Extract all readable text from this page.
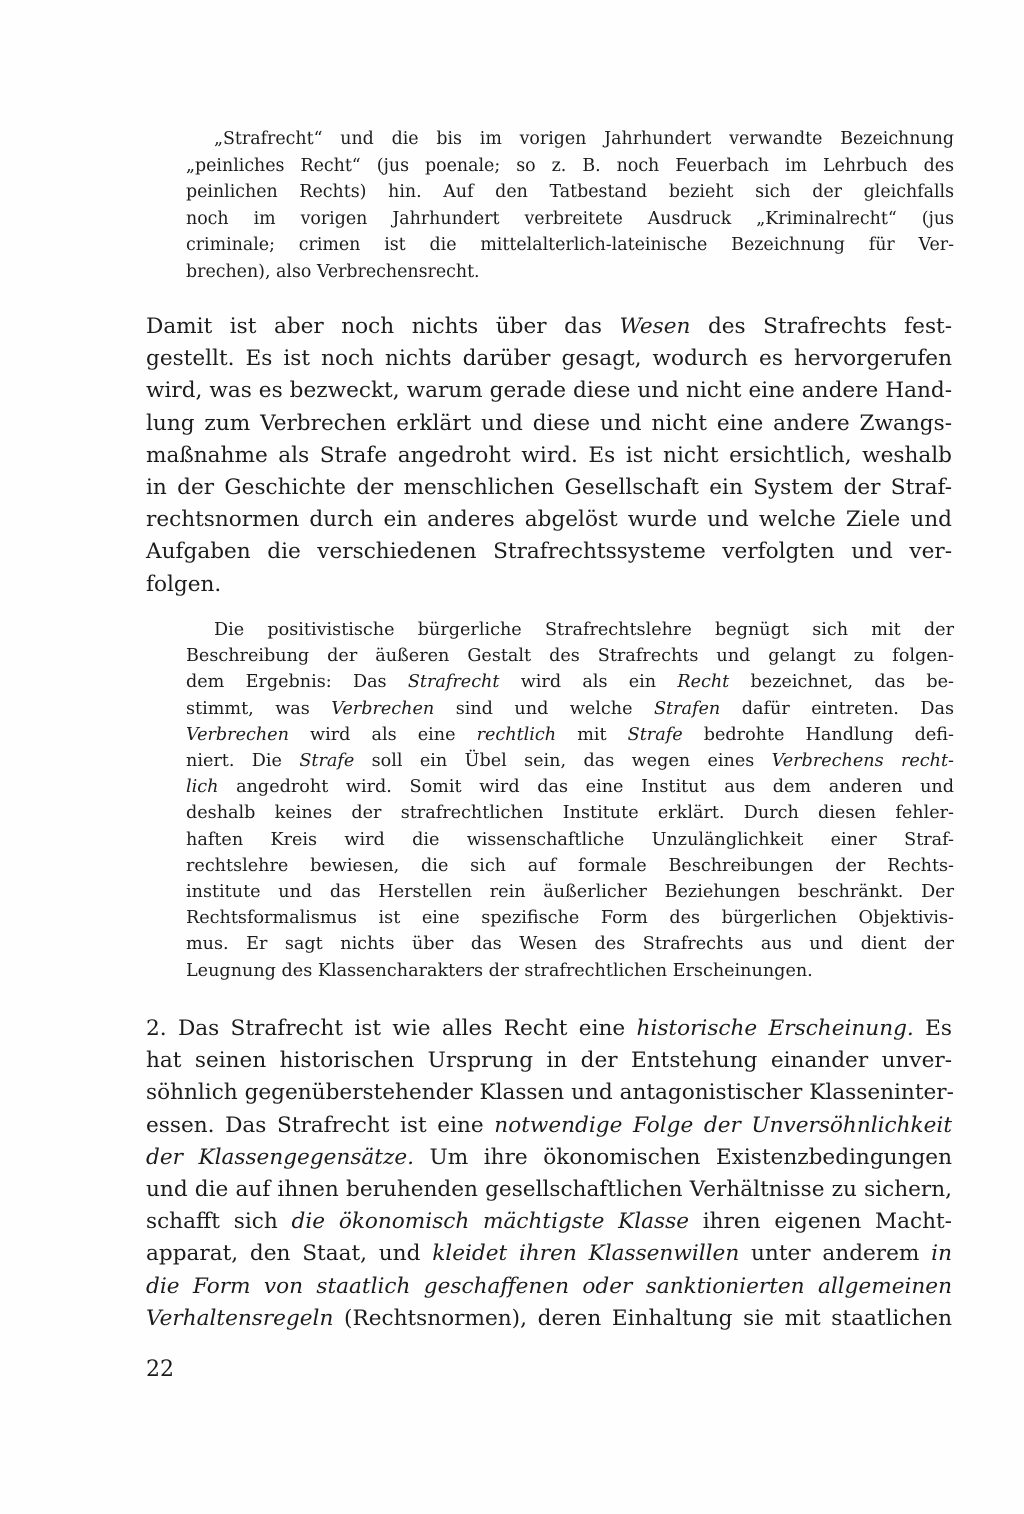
„Strafrecht“ und die bis im vorigen Jahrhundert verwandte Bezeichnung
„peinliches Recht“ (jus poenale; so z. B. noch Feuerbach im Lehrbuch des
peinlichen Rechts) hin. Auf den Tatbestand bezieht sich der gleichfalls
noch im vorigen Jahrhundert verbreitete Ausdruck „Kriminalrecht“ (jus
criminale; crimen ist die mittelalterlich-lateinische Bezeichnung für Ver-
brechen), also Verbrechensrecht.
Damit ist aber noch nichts über das Wesen des Strafrechts fest-
gestellt. Es ist noch nichts darüber gesagt, wodurch es hervorgerufen
wird, was es bezweckt, warum gerade diese und nicht eine andere Hand-
lung zum Verbrechen erklärt und diese und nicht eine andere Zwangs-
maßnahme als Strafe angedroht wird. Es ist nicht ersichtlich, weshalb
in der Geschichte der menschlichen Gesellschaft ein System der Straf-
rechtsnormen durch ein anderes abgelöst wurde und welche Ziele und
Aufgaben die verschiedenen Strafrechtssysteme verfolgten und ver-
folgen.
Die positivistische bürgerliche Strafrechtslehre begnügt sich mit der
Beschreibung der äußeren Gestalt des Strafrechts und gelangt zu folgen-
dem Ergebnis: Das Strafrecht wird als ein Recht bezeichnet, das be-
stimmt, was Verbrechen sind und welche Strafen dafür eintreten. Das
Verbrechen wird als eine rechtlich mit Strafe bedrohte Handlung defi-
niert. Die Strafe soll ein Übel sein, das wegen eines Verbrechens recht-
lich angedroht wird. Somit wird das eine Institut aus dem anderen und
deshalb keines der strafrechtlichen Institute erklärt. Durch diesen fehler-
haften Kreis wird die wissenschaftliche Unzulänglichkeit einer Straf-
rechtslehre bewiesen, die sich auf formale Beschreibungen der Rechts-
institute und das Herstellen rein äußerlicher Beziehungen beschränkt. Der
Rechtsformalismus ist eine spezifische Form des bürgerlichen Objektivis-
mus. Er sagt nichts über das Wesen des Strafrechts aus und dient der
Leugnung des Klassencharakters der strafrechtlichen Erscheinungen.
2. Das Strafrecht ist wie alles Recht eine historische Erscheinung. Es
hat seinen historischen Ursprung in der Entstehung einander unver-
söhnlich gegenüberstehender Klassen und antagonistischer Klasseninter-
essen. Das Strafrecht ist eine notwendige Folge der Unversöhnlichkeit
der Klassengegensätze. Um ihre ökonomischen Existenzbedingungen
und die auf ihnen beruhenden gesellschaftlichen Verhältnisse zu sichern,
schafft sich die ökonomisch mächtigste Klasse ihren eigenen Macht-
apparat, den Staat, und kleidet ihren Klassenwillen unter anderem in
die Form von staatlich geschaffenen oder sanktionierten allgemeinen
Verhaltensregeln (Rechtsnormen), deren Einhaltung sie mit staatlichen
22
